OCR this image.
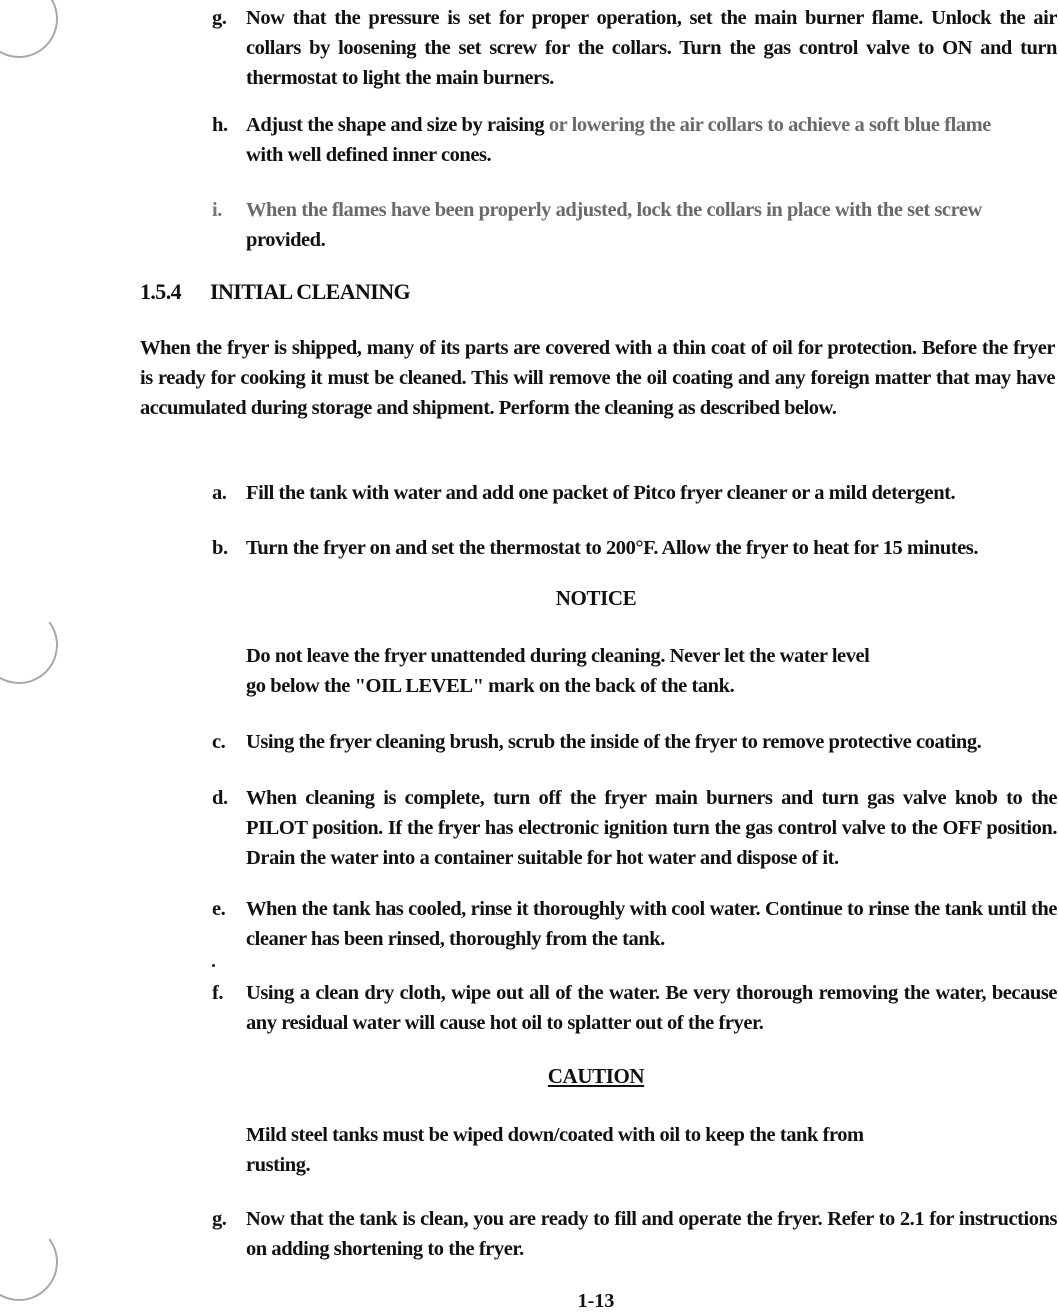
g. Now that the pressure is set for proper operation, set the main burner flame. Unlock the air collars by loosening the set screw for the collars. Turn the gas control valve to ON and turn thermostat to light the main burners.
h. Adjust the shape and size by raising or lowering the air collars to achieve a soft blue flame
with well defined inner cones.
i.	When the flames have been properly adjusted, lock the collars in place with the set screw
provided.
1.5.4 INITIAL CLEANING
When the fryer is shipped, many of its parts are covered with a thin coat of oil for protection. Before the fryer is ready for cooking it must be cleaned. This will remove the oil coating and any foreign matter that may have accumulated during storage and shipment. Perform the cleaning as described below.
a. Fill the tank with water and add one packet of Pitco fryer cleaner or a mild detergent.
b. Turn the fryer on and set the thermostat to 200°F. Allow the fryer to heat for 15 minutes.
NOTICE
Do not leave the fryer unattended during cleaning. Never let the water level
go below the "OIL LEVEL" mark on the back of the tank.
c.	Using the fryer cleaning brush, scrub the inside of the fryer to remove protective coating.
d. When cleaning is complete, turn off the fryer main burners and turn gas valve knob to the PILOT position. If the fryer has electronic ignition turn the gas control valve to the OFF position. Drain the water into a container suitable for hot water and dispose of it.
e.	When the tank has cooled, rinse it thoroughly with cool water. Continue to rinse the tank until the cleaner has been rinsed, thoroughly from the tank.
f.	Using a clean dry cloth, wipe out all of the water. Be very thorough removing the water, because any residual water will cause hot oil to splatter out of the fryer.
CAUTION
Mild steel tanks must be wiped down/coated with oil to keep the tank from
rusting.
g. Now that the tank is clean, you are ready to fill and operate the fryer. Refer to 2.1 for instructions on adding shortening to the fryer.
1-13
